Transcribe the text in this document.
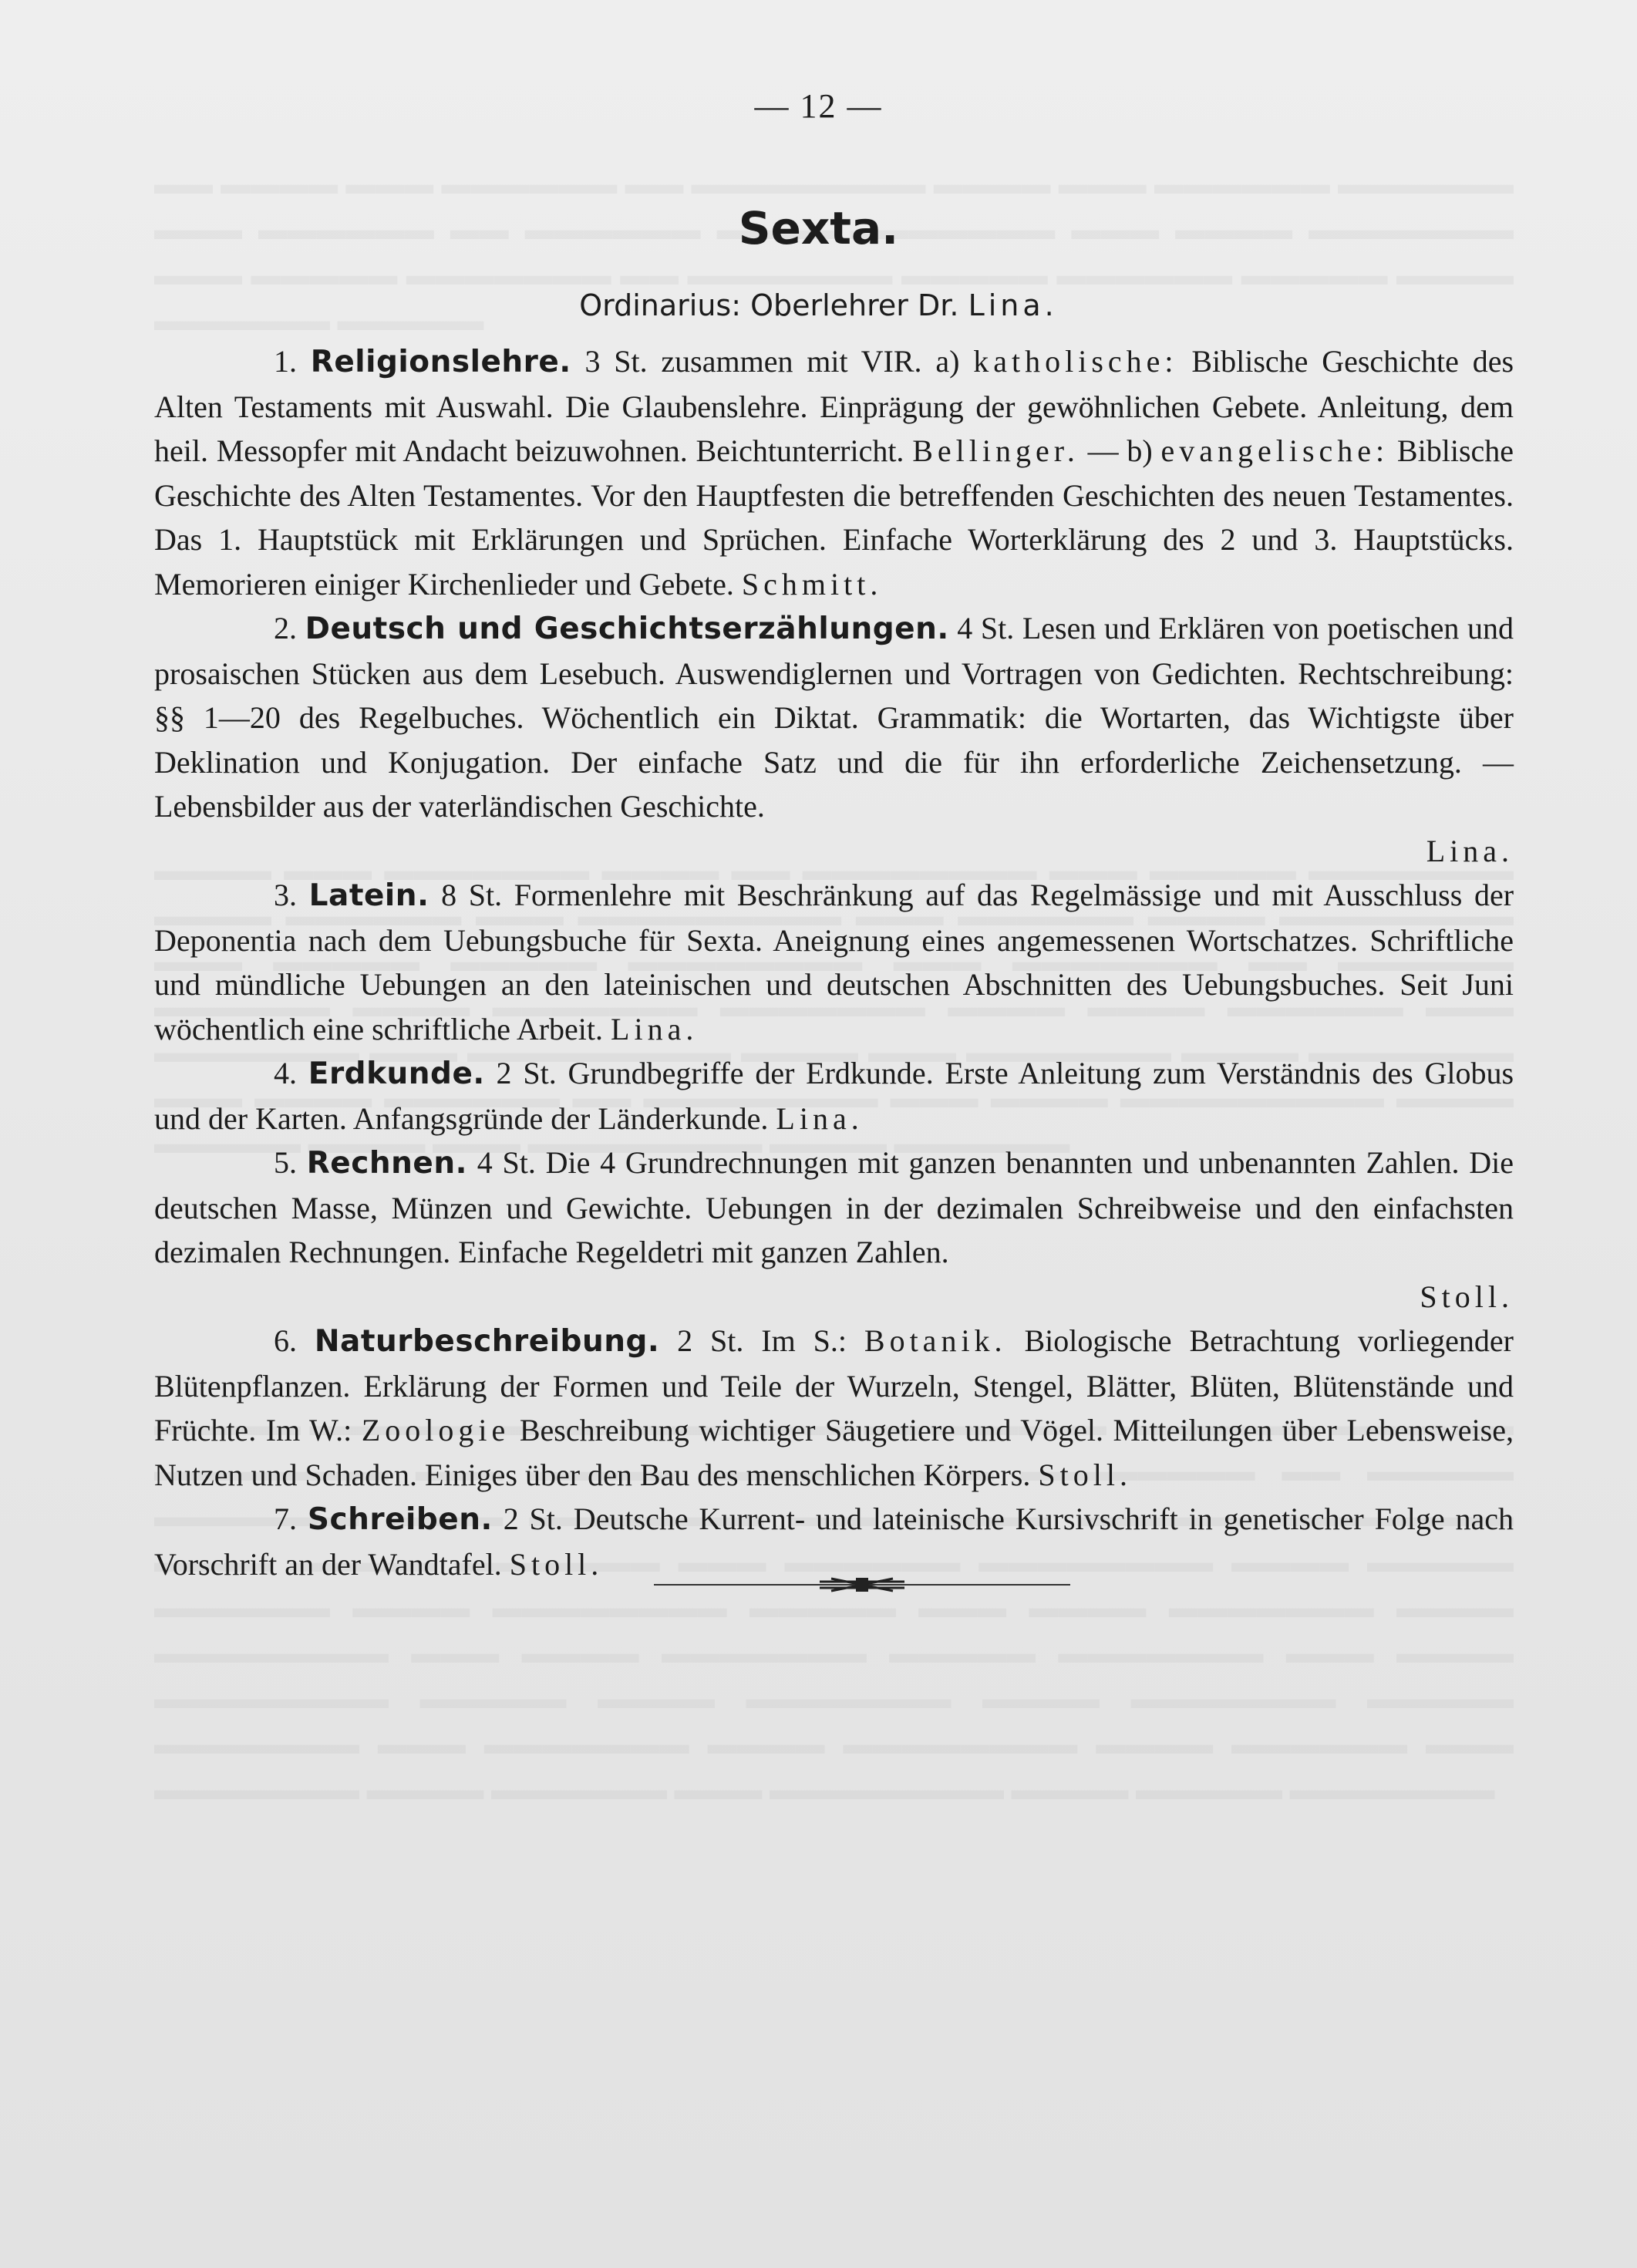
— 12 —
Sexta.
Ordinarius: Oberlehrer Dr. Lina.

1. Religionslehre. 3 St. zusammen mit VIR. a) katholische: Biblische Geschichte des Alten Testaments mit Auswahl. Die Glaubenslehre. Einprägung der gewöhnlichen Gebete. Anleitung, dem heil. Messopfer mit Andacht beizuwohnen. Beichtunterricht. Bellinger. — b) evangelische: Biblische Geschichte des Alten Testamentes. Vor den Hauptfesten die betreffenden Geschichten des neuen Testamentes. Das 1. Hauptstück mit Erklärungen und Sprüchen. Einfache Worterklärung des 2 und 3. Hauptstücks. Memorieren einiger Kirchenlieder und Gebete. Schmitt.

2. Deutsch und Geschichtserzählungen. 4 St. Lesen und Erklären von poetischen und prosaischen Stücken aus dem Lesebuch. Auswendiglernen und Vortragen von Gedichten. Rechtschreibung: §§ 1—20 des Regelbuches. Wöchentlich ein Diktat. Grammatik: die Wortarten, das Wichtigste über Deklination und Konjugation. Der einfache Satz und die für ihn erforderliche Zeichensetzung. — Lebensbilder aus der vaterländischen Geschichte.

Lina.

3. Latein. 8 St. Formenlehre mit Beschränkung auf das Regelmässige und mit Ausschluss der Deponentia nach dem Uebungsbuche für Sexta. Aneignung eines angemessenen Wortschatzes. Schriftliche und mündliche Uebungen an den lateinischen und deutschen Abschnitten des Uebungsbuches. Seit Juni wöchentlich eine schriftliche Arbeit. Lina.

4. Erdkunde. 2 St. Grundbegriffe der Erdkunde. Erste Anleitung zum Verständnis des Globus und der Karten. Anfangsgründe der Länderkunde. Lina.

5. Rechnen. 4 St. Die 4 Grundrechnungen mit ganzen benannten und unbenannten Zahlen. Die deutschen Masse, Münzen und Gewichte. Uebungen in der dezimalen Schreibweise und den einfachsten dezimalen Rechnungen. Einfache Regeldetri mit ganzen Zahlen.

Stoll.

6. Naturbeschreibung. 2 St. Im S.: Botanik. Biologische Betrachtung vorliegender Blütenpflanzen. Erklärung der Formen und Teile der Wurzeln, Stengel, Blätter, Blüten, Blütenstände und Früchte. Im W.: Zoologie Beschreibung wichtiger Säugetiere und Vögel. Mitteilungen über Lebensweise, Nutzen und Schaden. Einiges über den Bau des menschlichen Körpers. Stoll.

7. Schreiben. 2 St. Deutsche Kurrent- und lateinische Kursivschrift in genetischer Folge nach Vorschrift an der Wandtafel. Stoll.
